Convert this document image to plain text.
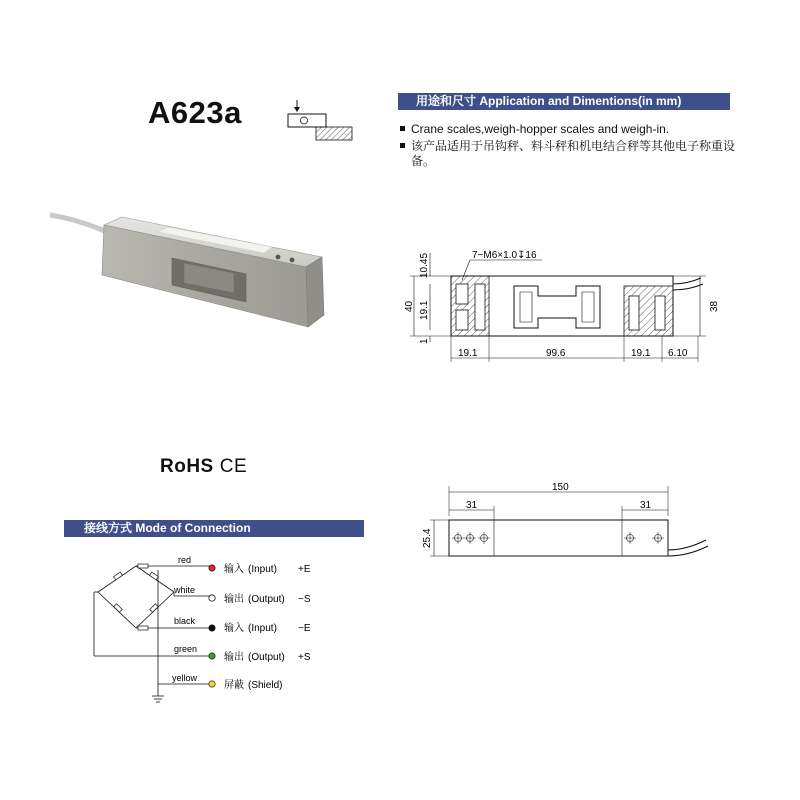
A623a	用途和尺寸 Application and Dimentions(in mm)
Crane scales,weigh-hopper scales and weigh-in.
该产品适用于吊钩秤、料斗秤和机电结合秤等其他电子称重设备。
7−M6×1.0↧16
10.45
40 19.1
1
38
19.1	99.6	19.1 6.10
RoHS CE
150
31	31
25.4
接线方式 Mode of Connection
red
white
black
green
yellow
输入 (Input) +E
输出 (Output) −S
输入 (Input) −E
输出 (Output) +S
屏蔽 (Shield)
